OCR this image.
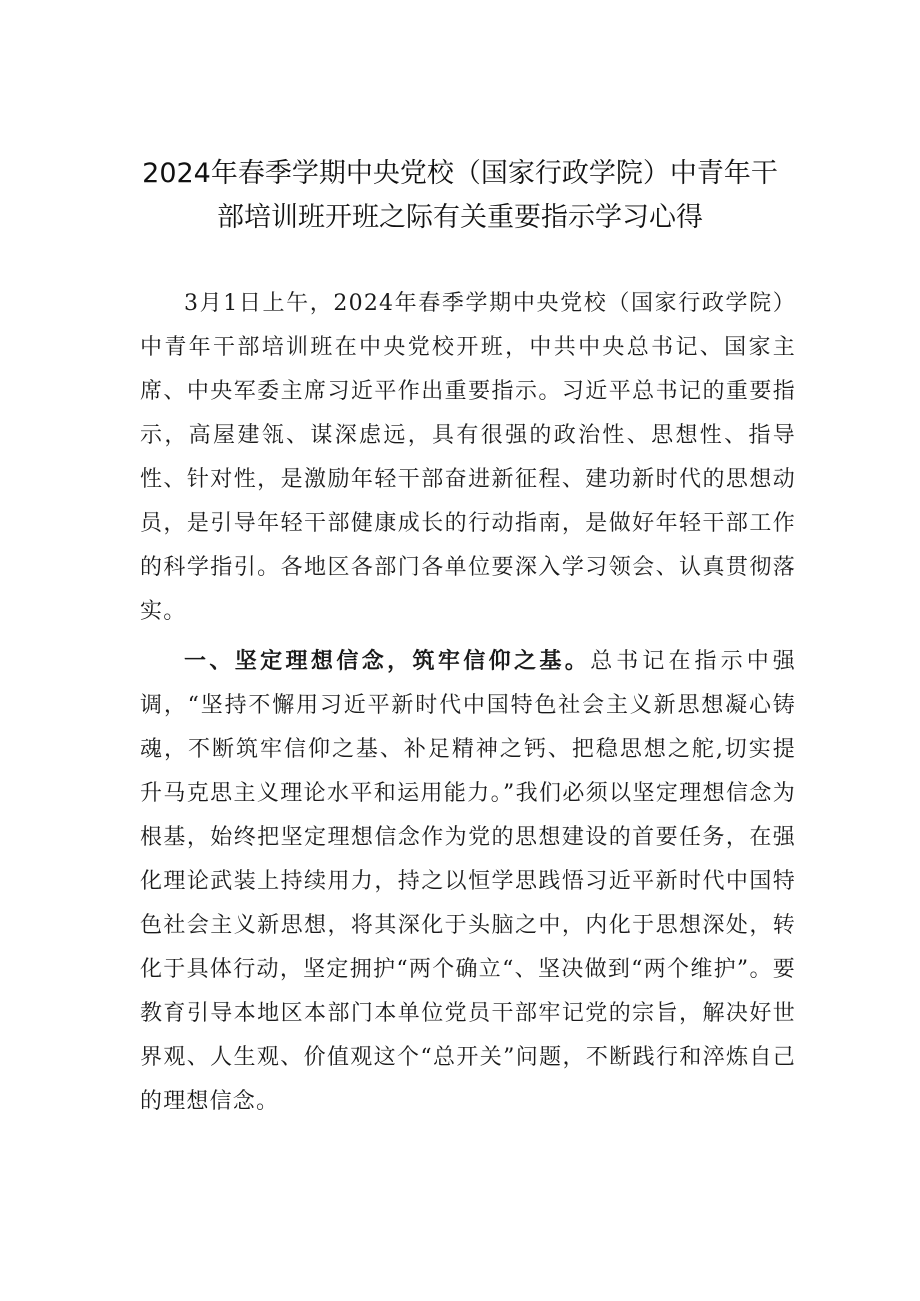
2024年春季学期中央党校（国家行政学院）中青年干
部培训班开班之际有关重要指示学习心得

3月1日上午，2024年春季学期中央党校（国家行政学院）中青年干部培训班在中央党校开班，中共中央总书记、国家主席、中央军委主席习近平作出重要指示。习近平总书记的重要指示，高屋建瓴、谋深虑远，具有很强的政治性、思想性、指导性、针对性，是激励年轻干部奋进新征程、建功新时代的思想动员，是引导年轻干部健康成长的行动指南，是做好年轻干部工作的科学指引。各地区各部门各单位要深入学习领会、认真贯彻落实。

一、坚定理想信念，筑牢信仰之基。总书记在指示中强调，“坚持不懈用习近平新时代中国特色社会主义新思想凝心铸魂，不断筑牢信仰之基、补足精神之钙、把稳思想之舵,切实提升马克思主义理论水平和运用能力。”我们必须以坚定理想信念为根基，始终把坚定理想信念作为党的思想建设的首要任务，在强化理论武装上持续用力，持之以恒学思践悟习近平新时代中国特色社会主义新思想，将其深化于头脑之中，内化于思想深处，转化于具体行动，坚定拥护“两个确立“、坚决做到“两个维护”。要教育引导本地区本部门本单位党员干部牢记党的宗旨，解决好世界观、人生观、价值观这个“总开关”问题，不断践行和淬炼自己的理想信念。
